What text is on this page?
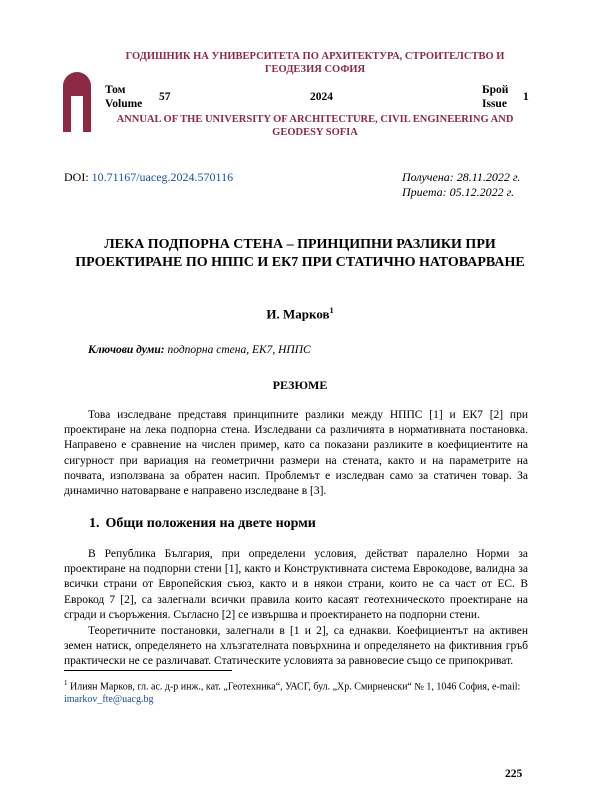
ГОДИШНИК НА УНИВЕРСИТЕТА ПО АРХИТЕКТУРА, СТРОИТЕЛСТВО И ГЕОДЕЗИЯ СОФИЯ
Том
Volume
57	2024
Брой
Issue
1
ANNUAL OF THE UNIVERSITY OF ARCHITECTURE, CIVIL ENGINEERING AND GEODESY SOFIA
DOI: 10.71167/uaceg.2024.570116	Получена: 28.11.2022 г.
Приета: 05.12.2022 г.
ЛЕКА ПОДПОРНА СТЕНА – ПРИНЦИПНИ РАЗЛИКИ ПРИ ПРОЕКТИРАНЕ ПО НППС И ЕК7 ПРИ СТАТИЧНО НАТОВАРВАНЕ
И. Марков$^1$
Ключови думи: подпорна стена, ЕК7, НППС
РЕЗЮМЕ
Това изследване представя принципните разлики между НППС [1] и ЕК7 [2] при проектиране на лека подпорна стена. Изследвани са различията в нормативната постановка. Направено е сравнение на числен пример, като са показани разликите в коефициентите на сигурност при вариация на геометрични размери на стената, както и на параметрите на почвата, използвана за обратен насип. Проблемът е изследван само за статичен товар. За динамично натоварване е направено изследване в [3].
1. Общи положения на двете норми
В Република България, при определени условия, действат паралелно Норми за проектиране на подпорни стени [1], както и Конструктивната система Еврокодове, валидна за всички страни от Европейския съюз, както и в някои страни, които не са част от ЕС. В Еврокод 7 [2], са залегнали всички правила които касаят геотехническото проектиране на сгради и съоръжения. Съгласно [2] се извършва и проектирането на подпорни стени.
Теоретичните постановки, залегнали в [1 и 2], са еднакви. Коефициентът на активен земен натиск, определянето на хлъзгателната повърхнина и определянето на фиктивния гръб практически не се различават. Статическите условията за равновесие също се припокриват.
$^1$ Илиян Марков, гл. ас. д-р инж., кат. „Геотехника“, УАСГ, бул. „Хр. Смирненски“ № 1, 1046 София, e-mail: imarkov_fte@uacg.bg
225
